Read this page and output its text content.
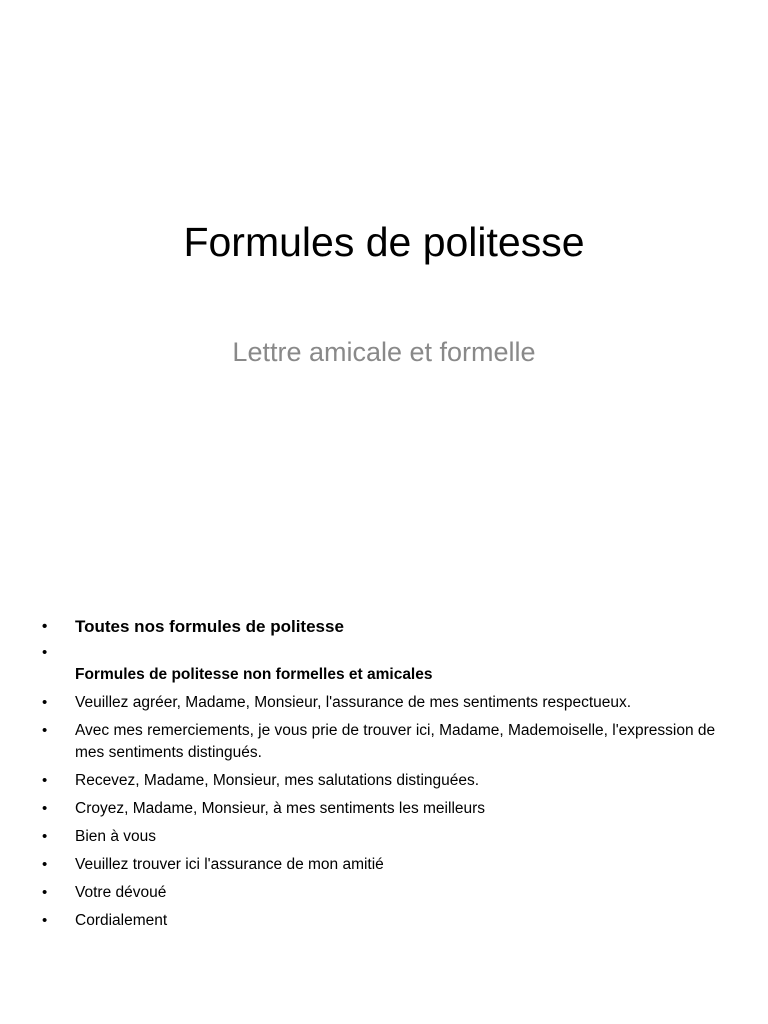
Formules de politesse
Lettre amicale et formelle
•	Toutes nos formules de politesse
•
Formules de politesse non formelles et amicales
•	Veuillez agréer, Madame, Monsieur, l'assurance de mes sentiments respectueux.
•	Avec mes remerciements, je vous prie de trouver ici, Madame, Mademoiselle, l'expression de mes sentiments distingués.
•	Recevez, Madame, Monsieur, mes salutations distinguées.
•	Croyez, Madame, Monsieur, à mes sentiments les meilleurs
•	Bien à vous
•	Veuillez trouver ici l'assurance de mon amitié
•	Votre dévoué
•	Cordialement
